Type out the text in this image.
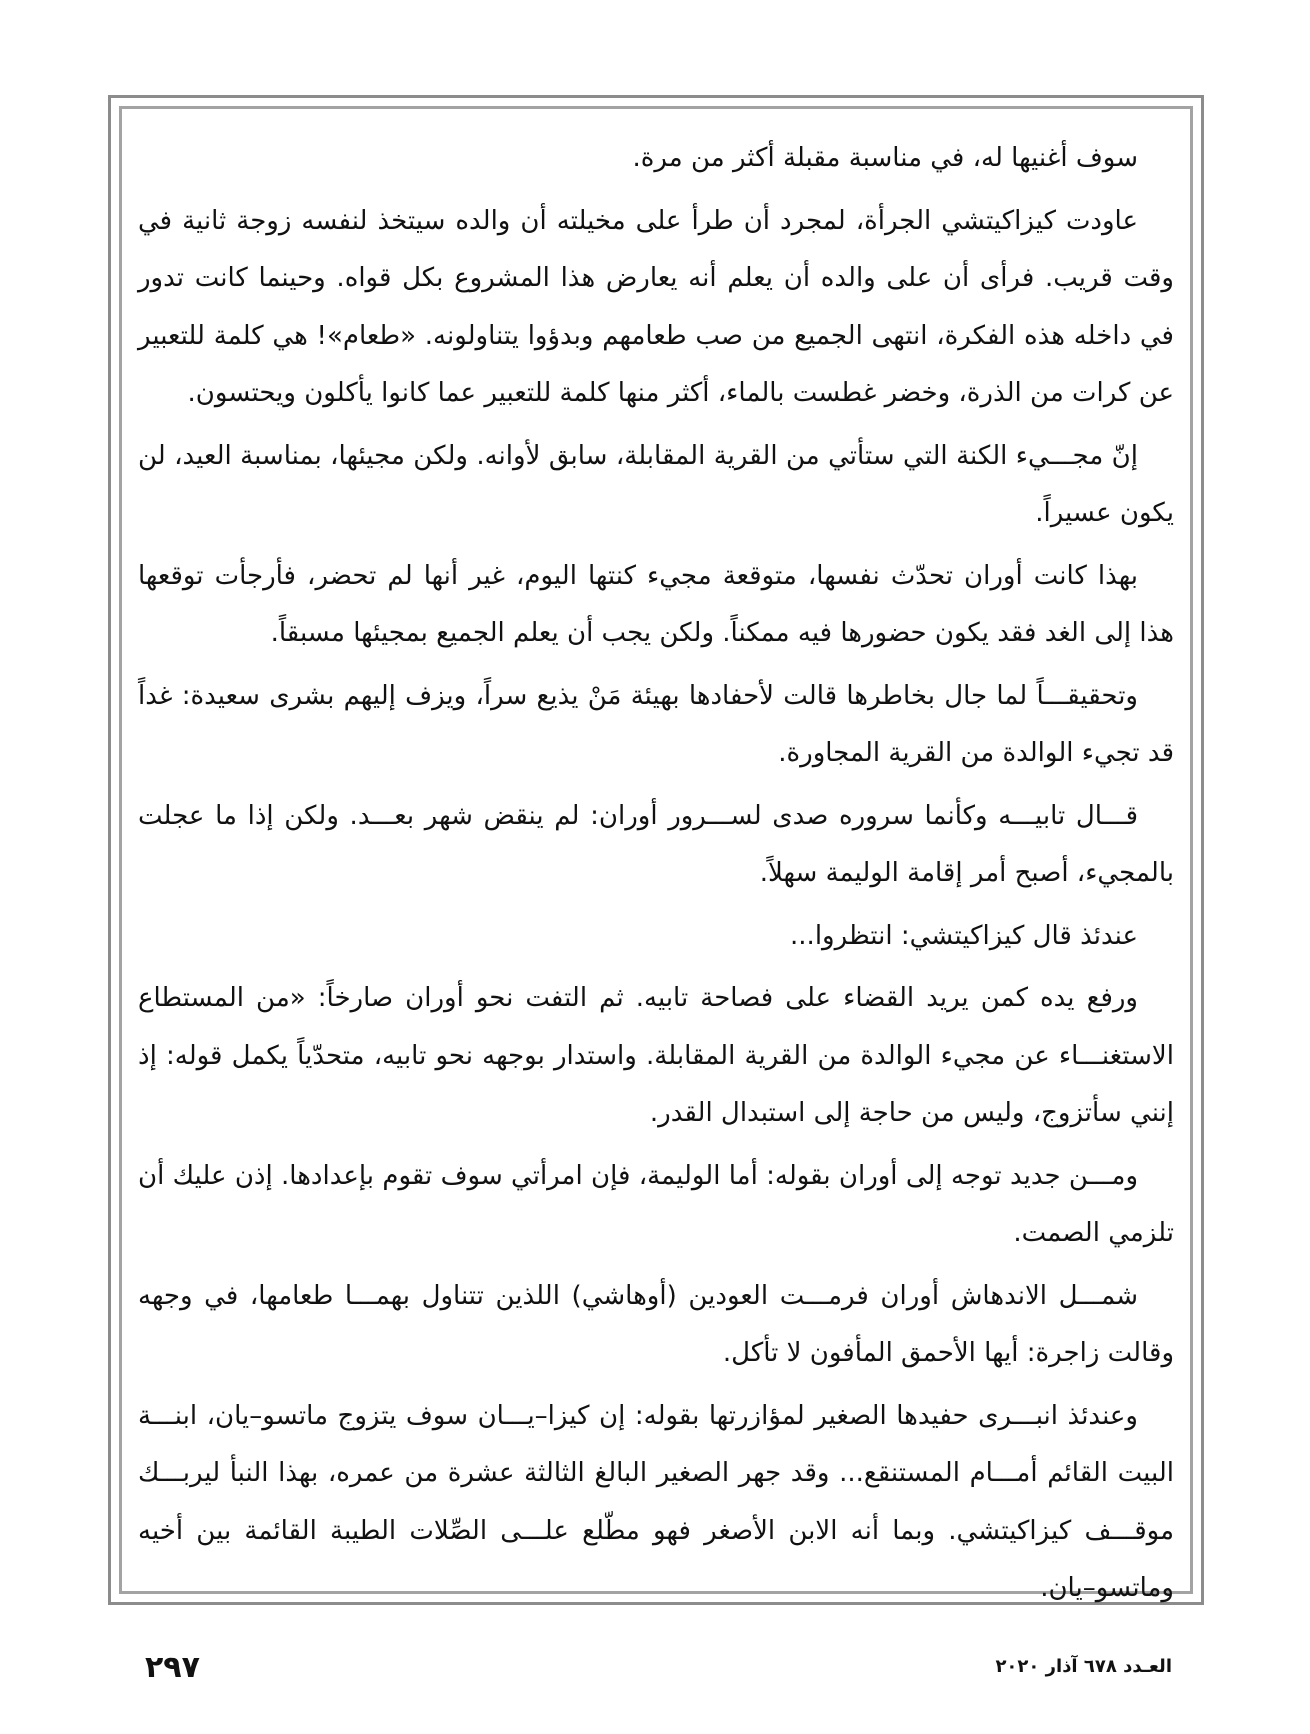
سوف أغنيها له، في مناسبة مقبلة أكثر من مرة.

عاودت كيزاكيتشي الجرأة، لمجرد أن طرأ على مخيلته أن والده سيتخذ لنفسه زوجة ثانية في وقت قريب. فرأى أن على والده أن يعلم أنه يعارض هذا المشروع بكل قواه. وحينما كانت تدور في داخله هذه الفكرة، انتهى الجميع من صب طعامهم وبدؤوا يتناولونه. «طعام»! هي كلمة للتعبير عن كرات من الذرة، وخضر غطست بالماء، أكثر منها كلمة للتعبير عما كانوا يأكلون ويحتسون.

إنّ مجـــيء الكنة التي ستأتي من القرية المقابلة، سابق لأوانه. ولكن مجيئها، بمناسبة العيد، لن يكون عسيراً.

بهذا كانت أوران تحدّث نفسها، متوقعة مجيء كنتها اليوم، غير أنها لم تحضر، فأرجأت توقعها هذا إلى الغد فقد يكون حضورها فيه ممكناً. ولكن يجب أن يعلم الجميع بمجيئها مسبقاً.

وتحقيقـــاً لما جال بخاطرها قالت لأحفادها بهيئة مَنْ يذيع سراً، ويزف إليهم بشرى سعيدة: غداً قد تجيء الوالدة من القرية المجاورة.

قـــال تابيـــه وكأنما سروره صدى لســـرور أوران: لم ينقض شهر بعـــد. ولكن إذا ما عجلت بالمجيء، أصبح أمر إقامة الوليمة سهلاً.

عندئذ قال كيزاكيتشي: انتظروا...

ورفع يده كمن يريد القضاء على فصاحة تابيه. ثم التفت نحو أوران صارخاً: «من المستطاع الاستغنـــاء عن مجيء الوالدة من القرية المقابلة. واستدار بوجهه نحو تابيه، متحدّياً يكمل قوله: إذ إنني سأتزوج، وليس من حاجة إلى استبدال القدر.

ومـــن جديد توجه إلى أوران بقوله: أما الوليمة، فإن امرأتي سوف تقوم بإعدادها. إذن عليك أن تلزمي الصمت.

شمـــل الاندهاش أوران فرمـــت العودين (أوهاشي) اللذين تتناول بهمـــا طعامها، في وجهه وقالت زاجرة: أيها الأحمق المأفون لا تأكل.

وعندئذ انبـــرى حفيدها الصغير لمؤازرتها بقوله: إن كيزا–يـــان سوف يتزوج ماتسو–يان، ابنـــة البيت القائم أمـــام المستنقع... وقد جهر الصغير البالغ الثالثة عشرة من عمره، بهذا النبأ ليربـــك موقـــف كيزاكيتشي. وبما أنه الابن الأصغر فهو مطّلع علـــى الصِّلات الطيبة القائمة بين أخيه وماتسو–يان.

٢٩٧	العـدد ٦٧٨ آذار ٢٠٢٠
